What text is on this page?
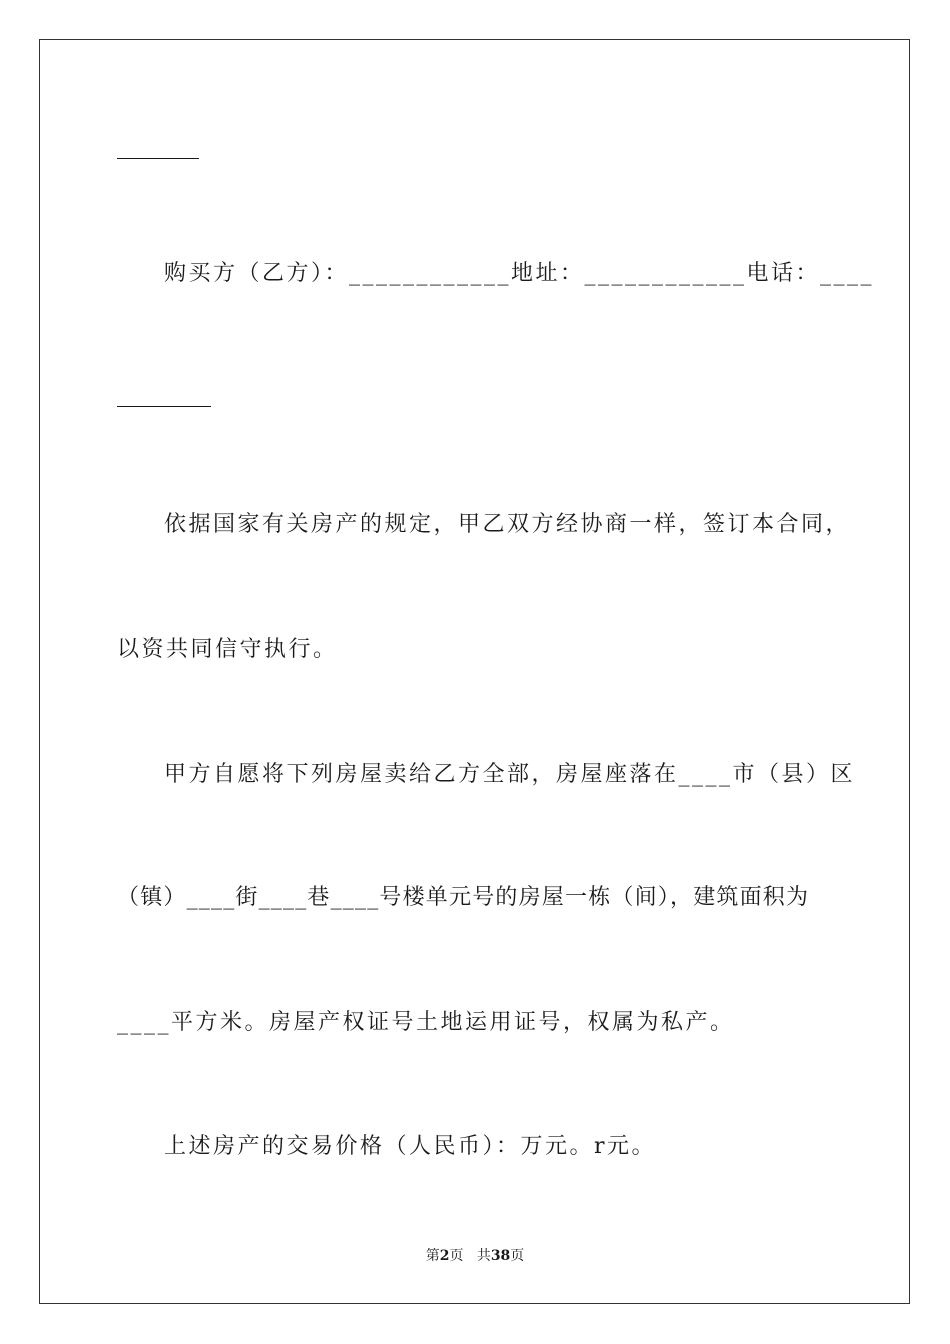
购买方（乙方）：____________地址：____________电话：____
依据国家有关房产的规定，甲乙双方经协商一样，签订本合同，
以资共同信守执行。
甲方自愿将下列房屋卖给乙方全部，房屋座落在____市（县）区
（镇）____街____巷____号楼单元号的房屋一栋（间），建筑面积为
____平方米。房屋产权证号土地运用证号，权属为私产。
上述房产的交易价格（人民币）：万元。r元。
第2页 共38页
